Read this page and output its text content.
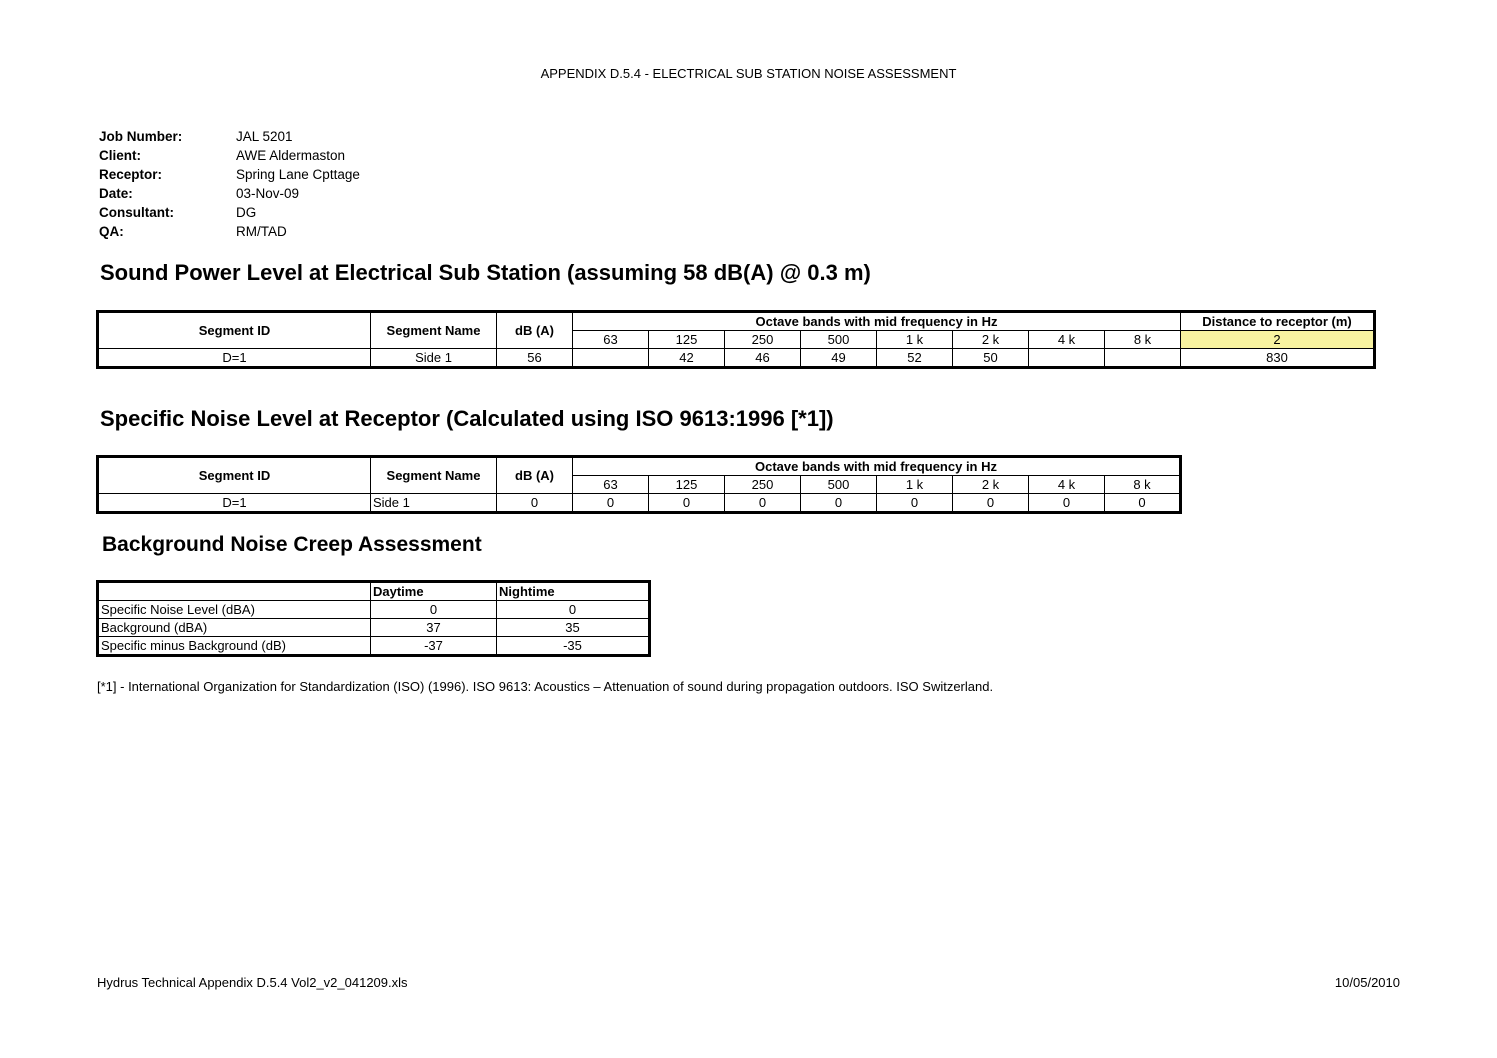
APPENDIX D.5.4 - ELECTRICAL SUB STATION NOISE ASSESSMENT
Job Number:	JAL 5201
Client:	AWE Aldermaston
Receptor:	Spring Lane Cpttage
Date:	03-Nov-09
Consultant:	DG
QA:	RM/TAD
Sound Power Level at Electrical Sub Station (assuming 58 dB(A) @ 0.3 m)
Segment ID	Segment Name	dB (A)	Octave bands with mid frequency in Hz								Distance to receptor (m)
			63	125	250	500	1 k	2 k	4 k	8 k	2
D=1	Side 1	56		42	46	49	52	50			830
Specific Noise Level at Receptor (Calculated using ISO 9613:1996 [*1])
Segment ID	Segment Name	dB (A)	Octave bands with mid frequency in Hz							
			63	125	250	500	1 k	2 k	4 k	8 k
D=1	Side 1	0	0	0	0	0	0	0	0	0
Background Noise Creep Assessment
	Daytime	Nightime
Specific Noise Level (dBA)	0	0
Background (dBA)	37	35
Specific minus Background (dB)	-37	-35
[*1] - International Organization for Standardization (ISO) (1996). ISO 9613: Acoustics – Attenuation of sound during propagation outdoors. ISO Switzerland.
Hydrus Technical Appendix D.5.4 Vol2_v2_041209.xls	10/05/2010
